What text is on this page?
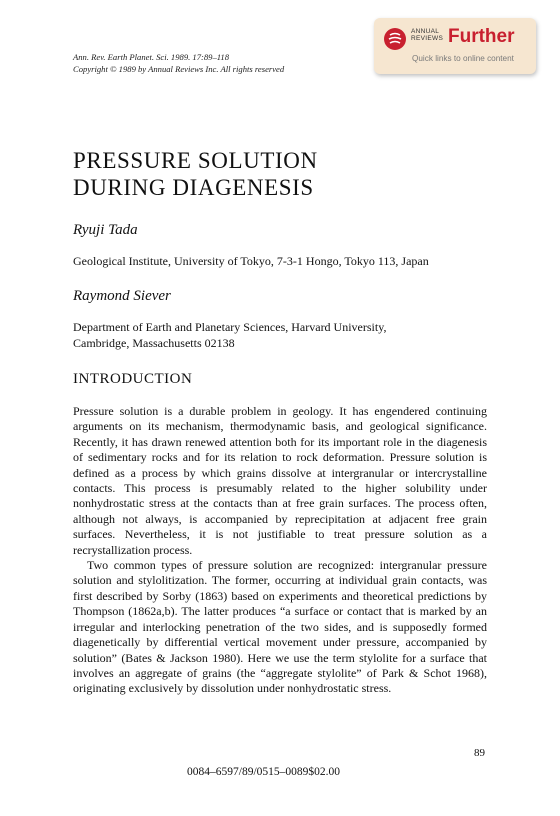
Ann. Rev. Earth Planet. Sci. 1989. 17:89–118
Copyright © 1989 by Annual Reviews Inc. All rights reserved
ANNUAL
REVIEWS Further
Quick links to online content
PRESSURE SOLUTION
DURING DIAGENESIS
Ryuji Tada
Geological Institute, University of Tokyo, 7-3-1 Hongo, Tokyo 113, Japan
Raymond Siever
Department of Earth and Planetary Sciences, Harvard University,
Cambridge, Massachusetts 02138
INTRODUCTION

Pressure solution is a durable problem in geology. It has engendered continuing arguments on its mechanism, thermodynamic basis, and geological significance. Recently, it has drawn renewed attention both for its important role in the diagenesis of sedimentary rocks and for its relation to rock deformation. Pressure solution is defined as a process by which grains dissolve at intergranular or intercrystalline contacts. This process is presumably related to the higher solubility under nonhydrostatic stress at the contacts than at free grain surfaces. The process often, although not always, is accompanied by reprecipitation at adjacent free grain surfaces. Nevertheless, it is not justifiable to treat pressure solution as a recrystallization process.

Two common types of pressure solution are recognized: intergranular pressure solution and stylolitization. The former, occurring at individual grain contacts, was first described by Sorby (1863) based on experiments and theoretical predictions by Thompson (1862a,b). The latter produces “a surface or contact that is marked by an irregular and interlocking penetration of the two sides, and is supposedly formed diagenetically by differential vertical movement under pressure, accompanied by solution” (Bates & Jackson 1980). Here we use the term stylolite for a surface that involves an aggregate of grains (the “aggregate stylolite” of Park & Schot 1968), originating exclusively by dissolution under nonhydrostatic stress.

89
0084–6597/89/0515–0089$02.00
